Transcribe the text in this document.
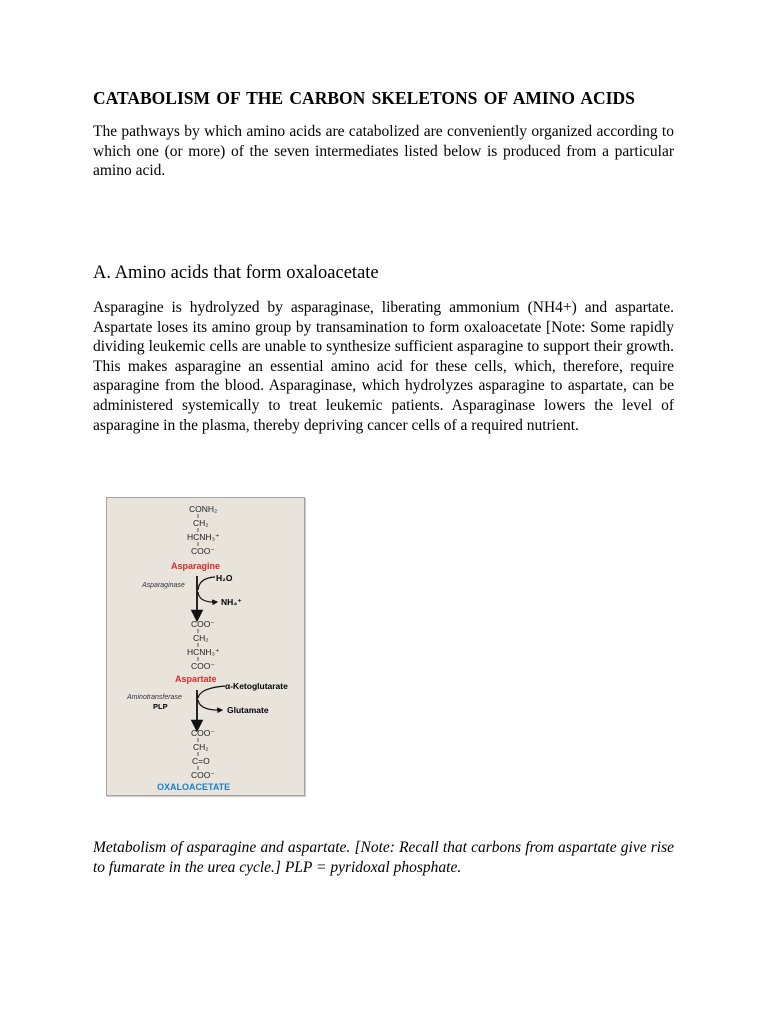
CATABOLISM OF THE CARBON SKELETONS OF AMINO ACIDS

The pathways by which amino acids are catabolized are conveniently organized according to which one (or more) of the seven intermediates listed below is produced from a particular amino acid.

A. Amino acids that form oxaloacetate

Asparagine is hydrolyzed by asparaginase, liberating ammonium (NH4+) and aspartate. Aspartate loses its amino group by transamination to form oxaloacetate [Note: Some rapidly dividing leukemic cells are unable to synthesize sufficient asparagine to support their growth. This makes asparagine an essential amino acid for these cells, which, therefore, require asparagine from the blood. Asparaginase, which hydrolyzes asparagine to aspartate, can be administered systemically to treat leukemic patients. Asparaginase lowers the level of asparagine in the plasma, thereby depriving cancer cells of a required nutrient.

CONH₂
CH₂
HCNH₃⁺
COO⁻
Asparagine
H₂O
NH₄⁺
Asparaginase
COO⁻
CH₂
HCNH₃⁺
COO⁻
Aspartate
α-Ketoglutarate
Glutamate
Aminotransferase
PLP
COO⁻
CH₂
C=O
COO⁻
OXALOACETATE

Metabolism of asparagine and aspartate. [Note: Recall that carbons from aspartate give rise to fumarate in the urea cycle.] PLP = pyridoxal phosphate.
